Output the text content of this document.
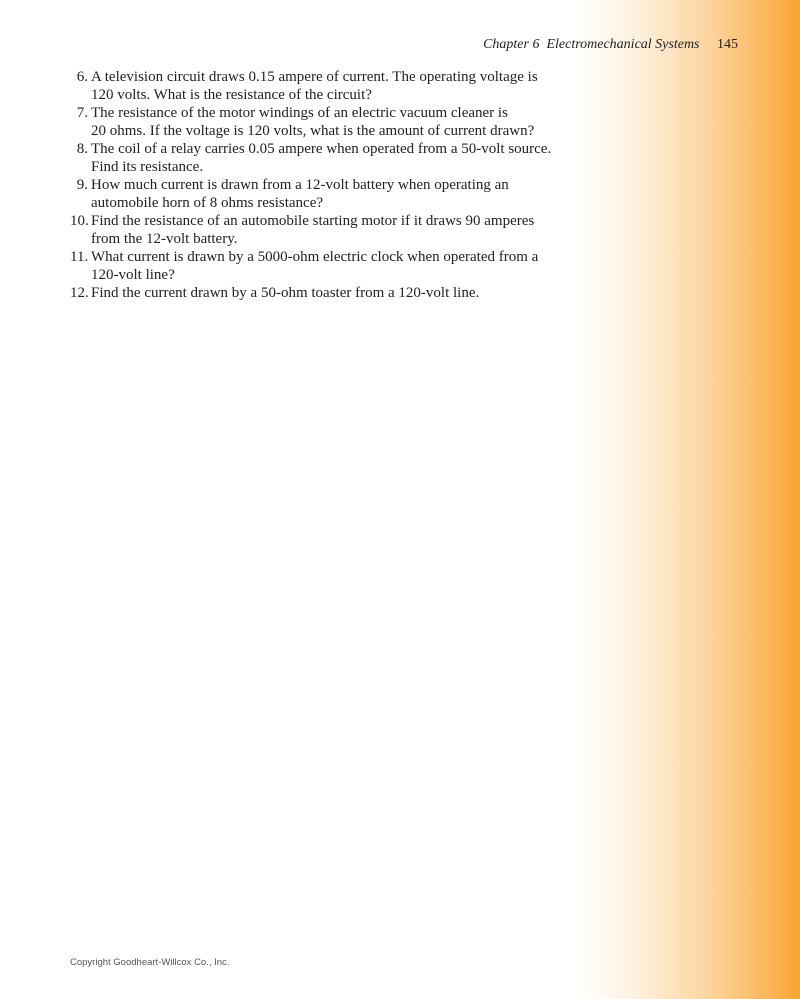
Chapter 6 Electromechanical Systems 145
6. A television circuit draws 0.15 ampere of current. The operating voltage is
120 volts. What is the resistance of the circuit?
7. The resistance of the motor windings of an electric vacuum cleaner is
20 ohms. If the voltage is 120 volts, what is the amount of current drawn?
8. The coil of a relay carries 0.05 ampere when operated from a 50-volt source.
Find its resistance.
9. How much current is drawn from a 12-volt battery when operating an
automobile horn of 8 ohms resistance?
10. Find the resistance of an automobile starting motor if it draws 90 amperes
from the 12-volt battery.
11. What current is drawn by a 5000-ohm electric clock when operated from a
120-volt line?
12. Find the current drawn by a 50-ohm toaster from a 120-volt line.
Copyright Goodheart-Willcox Co., Inc.
